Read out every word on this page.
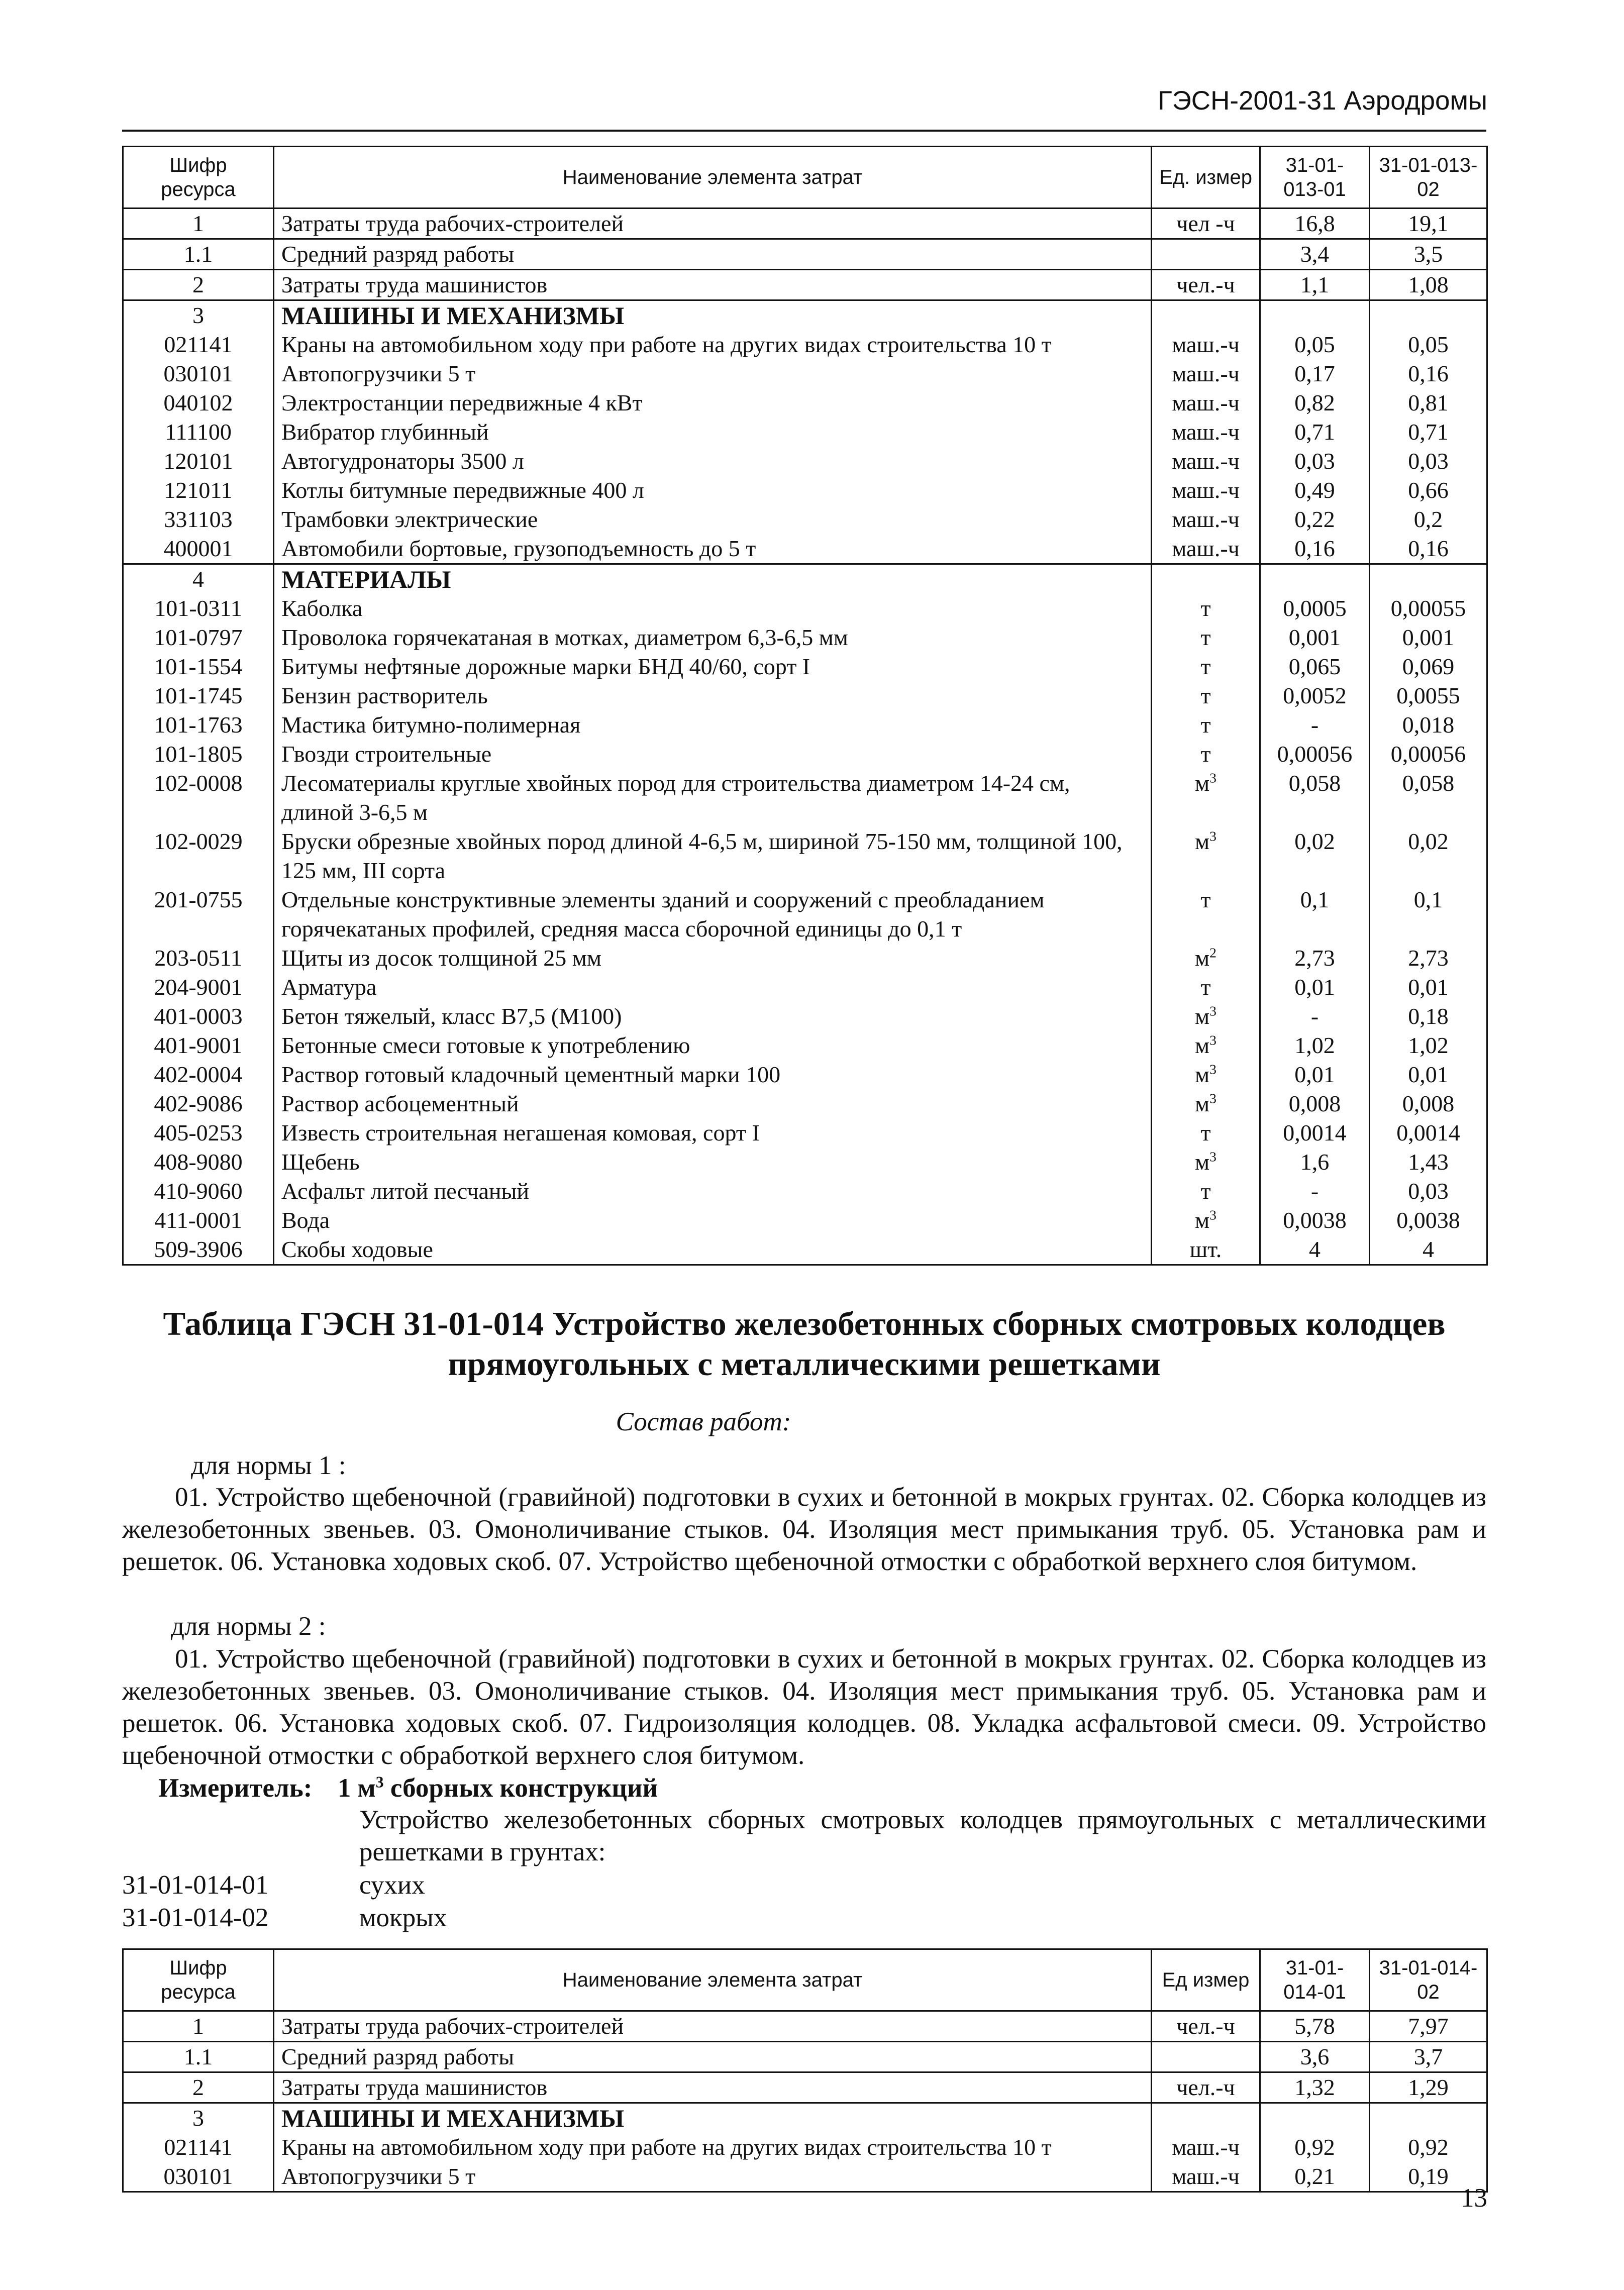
ГЭСН-2001-31 Аэродромы
Шифр ресурса	Наименование элемента затрат	Ед. измер	31-01-013-01	31-01-013-02
1	Затраты труда рабочих-строителей	чел -ч	16,8	19,1
1.1	Средний разряд работы		3,4	3,5
2	Затраты труда машинистов	чел.-ч	1,1	1,08
3	МАШИНЫ И МЕХАНИЗМЫ			
021141	Краны на автомобильном ходу при работе на других видах строительства 10 т	маш.-ч	0,05	0,05
030101	Автопогрузчики 5 т	маш.-ч	0,17	0,16
040102	Электростанции передвижные 4 кВт	маш.-ч	0,82	0,81
111100	Вибратор глубинный	маш.-ч	0,71	0,71
120101	Автогудронаторы 3500 л	маш.-ч	0,03	0,03
121011	Котлы битумные передвижные 400 л	маш.-ч	0,49	0,66
331103	Трамбовки электрические	маш.-ч	0,22	0,2
400001	Автомобили бортовые, грузоподъемность до 5 т	маш.-ч	0,16	0,16
4	МАТЕРИАЛЫ			
101-0311	Каболка	т	0,0005	0,00055
101-0797	Проволока горячекатаная в мотках, диаметром 6,3-6,5 мм	т	0,001	0,001
101-1554	Битумы нефтяные дорожные марки БНД 40/60, сорт I	т	0,065	0,069
101-1745	Бензин растворитель	т	0,0052	0,0055
101-1763	Мастика битумно-полимерная	т	-	0,018
101-1805	Гвозди строительные	т	0,00056	0,00056
102-0008	Лесоматериалы круглые хвойных пород для строительства диаметром 14-24 см, длиной 3-6,5 м	$м^3$	0,058	0,058
102-0029	Бруски обрезные хвойных пород длиной 4-6,5 м, шириной 75-150 мм, толщиной 100, 125 мм, III сорта	$м^3$	0,02	0,02
201-0755	Отдельные конструктивные элементы зданий и сооружений с преобладанием горячекатаных профилей, средняя масса сборочной единицы до 0,1 т	т	0,1	0,1
203-0511	Щиты из досок толщиной 25 мм	$м^2$	2,73	2,73
204-9001	Арматура	т	0,01	0,01
401-0003	Бетон тяжелый, класс В7,5 (М100)	$м^3$	-	0,18
401-9001	Бетонные смеси готовые к употреблению	$м^3$	1,02	1,02
402-0004	Раствор готовый кладочный цементный марки 100	$м^3$	0,01	0,01
402-9086	Раствор асбоцементный	$м^3$	0,008	0,008
405-0253	Известь строительная негашеная комовая, сорт I	т	0,0014	0,0014
408-9080	Щебень	$м^3$	1,6	1,43
410-9060	Асфальт литой песчаный	т	-	0,03
411-0001	Вода	$м^3$	0,0038	0,0038
509-3906	Скобы ходовые	шт.	4	4
Таблица ГЭСН 31-01-014 Устройство железобетонных сборных смотровых колодцев
прямоугольных с металлическими решетками
Состав работ:
для нормы 1 :
01. Устройство щебеночной (гравийной) подготовки в сухих и бетонной в мокрых грунтах. 02. Сборка колодцев из железобетонных звеньев. 03. Омоноличивание стыков. 04. Изоляция мест примыкания труб. 05. Установка рам и решеток. 06. Установка ходовых скоб. 07. Устройство щебеночной отмостки с обработкой верхнего слоя битумом.
для нормы 2 :
01. Устройство щебеночной (гравийной) подготовки в сухих и бетонной в мокрых грунтах. 02. Сборка колодцев из железобетонных звеньев. 03. Омоноличивание стыков. 04. Изоляция мест примыкания труб. 05. Установка рам и решеток. 06. Установка ходовых скоб. 07. Гидроизоляция колодцев. 08. Укладка асфальтовой смеси. 09. Устройство щебеночной отмостки с обработкой верхнего слоя битумом.
Измеритель: 1 $м^3$ сборных конструкций
Устройство железобетонных сборных смотровых колодцев прямоугольных с металлическими решетками в грунтах:
31-01-014-01	сухих
31-01-014-02	мокрых
Шифр ресурса	Наименование элемента затрат	Ед измер	31-01-014-01	31-01-014-02
1	Затраты труда рабочих-строителей	чел.-ч	5,78	7,97
1.1	Средний разряд работы		3,6	3,7
2	Затраты труда машинистов	чел.-ч	1,32	1,29
3	МАШИНЫ И МЕХАНИЗМЫ			
021141	Краны на автомобильном ходу при работе на других видах строительства 10 т	маш.-ч	0,92	0,92
030101	Автопогрузчики 5 т	маш.-ч	0,21	0,19
13
